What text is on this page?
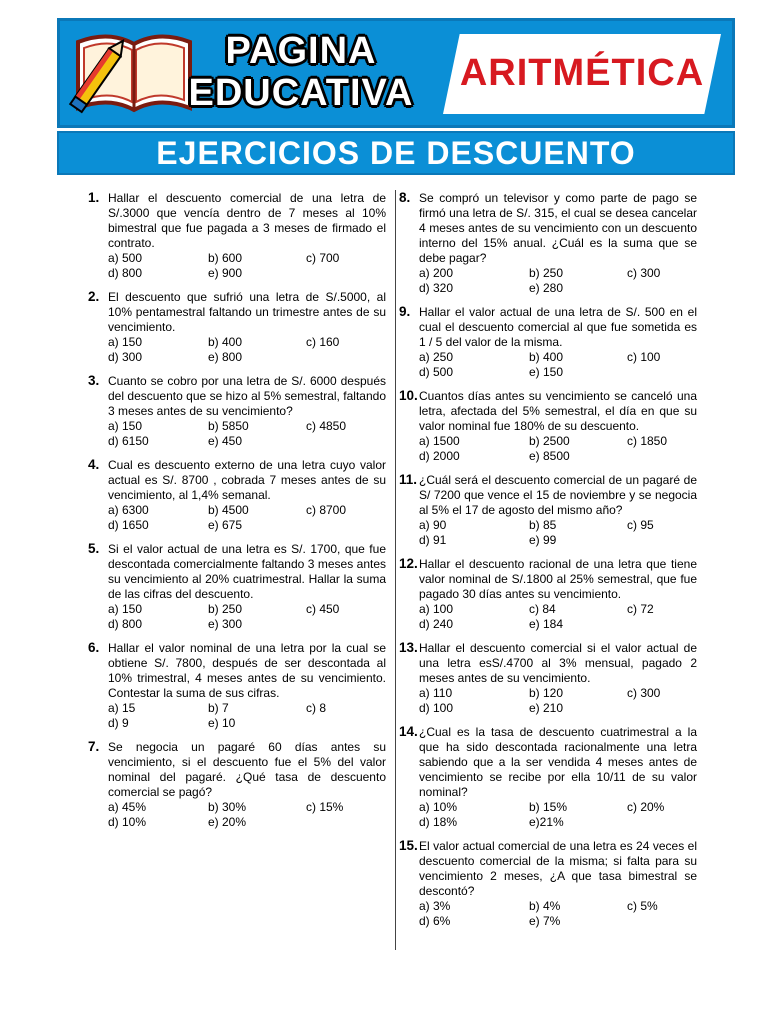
PAGINA
EDUCATIVA	ARITMÉTICA
EJERCICIOS DE DESCUENTO
1. Hallar el descuento comercial de una letra de S/.3000 que vencía dentro de 7 meses al 10% bimestral que fue pagada a 3 meses de firmado el contrato.
a) 500	b) 600	c) 700
d) 800	e) 900
2. El descuento que sufrió una letra de S/.5000, al 10% pentamestral faltando un trimestre antes de su vencimiento.
a) 150	b) 400	c) 160
d) 300	e) 800
3. Cuanto se cobro por una letra de S/. 6000 después del descuento que se hizo al 5% semestral, faltando 3 meses antes de su vencimiento?
a) 150	b) 5850	c) 4850
d) 6150	e) 450
4. Cual es descuento externo de una letra cuyo valor actual es S/. 8700 , cobrada 7 meses antes de su vencimiento, al 1,4% semanal.
a) 6300	b) 4500	c) 8700
d) 1650	e) 675
5. Si el valor actual de una letra es S/. 1700, que fue descontada comercialmente faltando 3 meses antes su vencimiento al 20% cuatrimestral. Hallar la suma de las cifras del descuento.
a) 150	b) 250	c) 450
d) 800	e) 300
6. Hallar el valor nominal de una letra por la cual se obtiene S/. 7800, después de ser descontada al 10% trimestral, 4 meses antes de su vencimiento. Contestar la suma de sus cifras.
a) 15	b) 7	c) 8
d) 9	e) 10
7. Se negocia un pagaré 60 días antes su vencimiento, si el descuento fue el 5% del valor nominal del pagaré. ¿Qué tasa de descuento comercial se pagó?
a) 45%	b) 30%	c) 15%
d) 10%	e) 20%
8. Se compró un televisor y como parte de pago se firmó una letra de S/. 315, el cual se desea cancelar 4 meses antes de su vencimiento con un descuento interno del 15% anual. ¿Cuál es la suma que se debe pagar?
a) 200	b) 250	c) 300
d) 320	e) 280
9. Hallar el valor actual de una letra de S/. 500 en el cual el descuento comercial al que fue sometida es 1 / 5 del valor de la misma.
a) 250	b) 400	c) 100
d) 500	e) 150
10. Cuantos días antes su vencimiento se canceló una letra, afectada del 5% semestral, el día en que su valor nominal fue 180% de su descuento.
a) 1500	b) 2500	c) 1850
d) 2000	e) 8500
11. ¿Cuál será el descuento comercial de un pagaré de S/ 7200 que vence el 15 de noviembre y se negocia al 5% el 17 de agosto del mismo año?
a) 90	b) 85	c) 95
d) 91	e) 99
12. Hallar el descuento racional de una letra que tiene valor nominal de S/.1800 al 25% semestral, que fue pagado 30 días antes su vencimiento.
a) 100	c) 84	c) 72
d) 240	e) 184
13. Hallar el descuento comercial si el valor actual de una letra esS/.4700 al 3% mensual, pagado 2 meses antes de su vencimiento.
a) 110	b) 120	c) 300
d) 100	e) 210
14. ¿Cual es la tasa de descuento cuatrimestral a la que ha sido descontada racionalmente una letra sabiendo que a la ser vendida 4 meses antes de vencimiento se recibe por ella 10/11 de su valor nominal?
a) 10%	b) 15%	c) 20%
d) 18%	e)21%
15. El valor actual comercial de una letra es 24 veces el descuento comercial de la misma; si falta para su vencimiento 2 meses, ¿A que tasa bimestral se descontó?
a) 3%	b) 4%	c) 5%
d) 6%	e) 7%
